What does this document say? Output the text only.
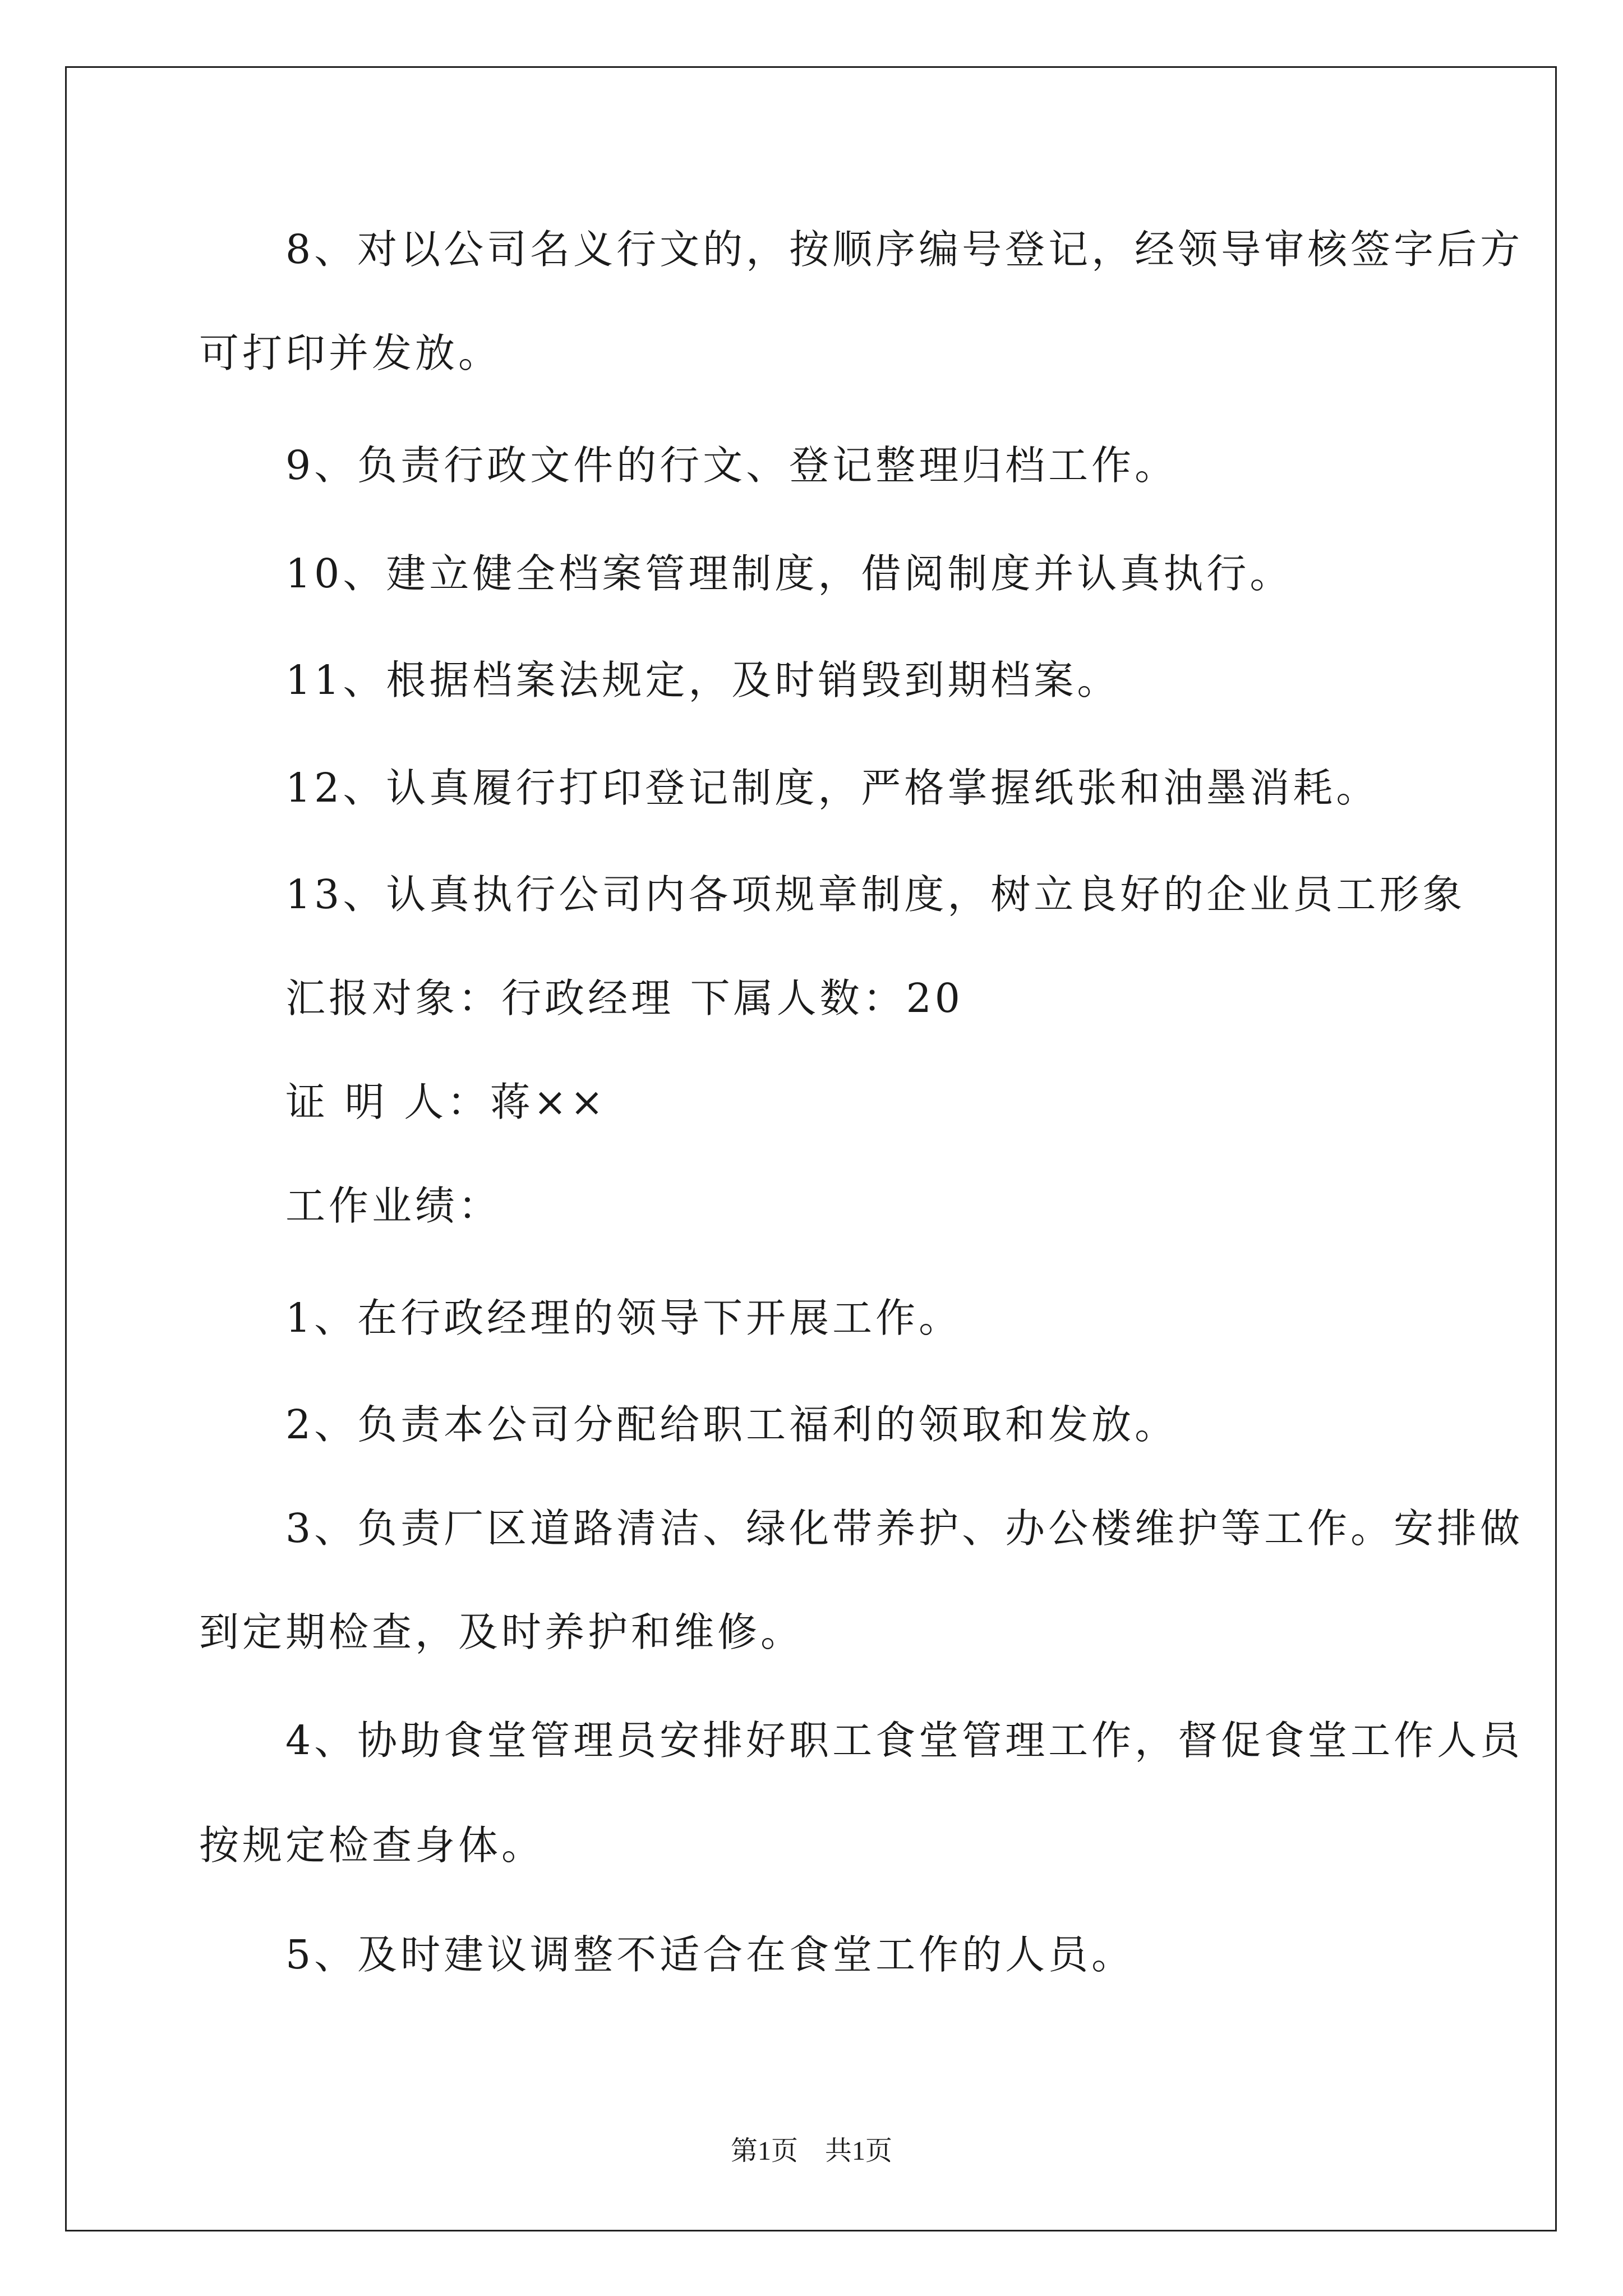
　　8、对以公司名义行文的，按顺序编号登记，经领导审核签字后方
可打印并发放。
　　9、负责行政文件的行文、登记整理归档工作。
　　10、建立健全档案管理制度，借阅制度并认真执行。
　　11、根据档案法规定，及时销毁到期档案。
　　12、认真履行打印登记制度，严格掌握纸张和油墨消耗。
　　13、认真执行公司内各项规章制度，树立良好的企业员工形象
　　汇报对象：行政经理 下属人数：20
　　证 明 人：蒋××
　　工作业绩：
　　1、在行政经理的领导下开展工作。
　　2、负责本公司分配给职工福利的领取和发放。
　　3、负责厂区道路清洁、绿化带养护、办公楼维护等工作。安排做
到定期检查，及时养护和维修。
　　4、协助食堂管理员安排好职工食堂管理工作，督促食堂工作人员
按规定检查身体。
　　5、及时建议调整不适合在食堂工作的人员。
第1页　共1页
